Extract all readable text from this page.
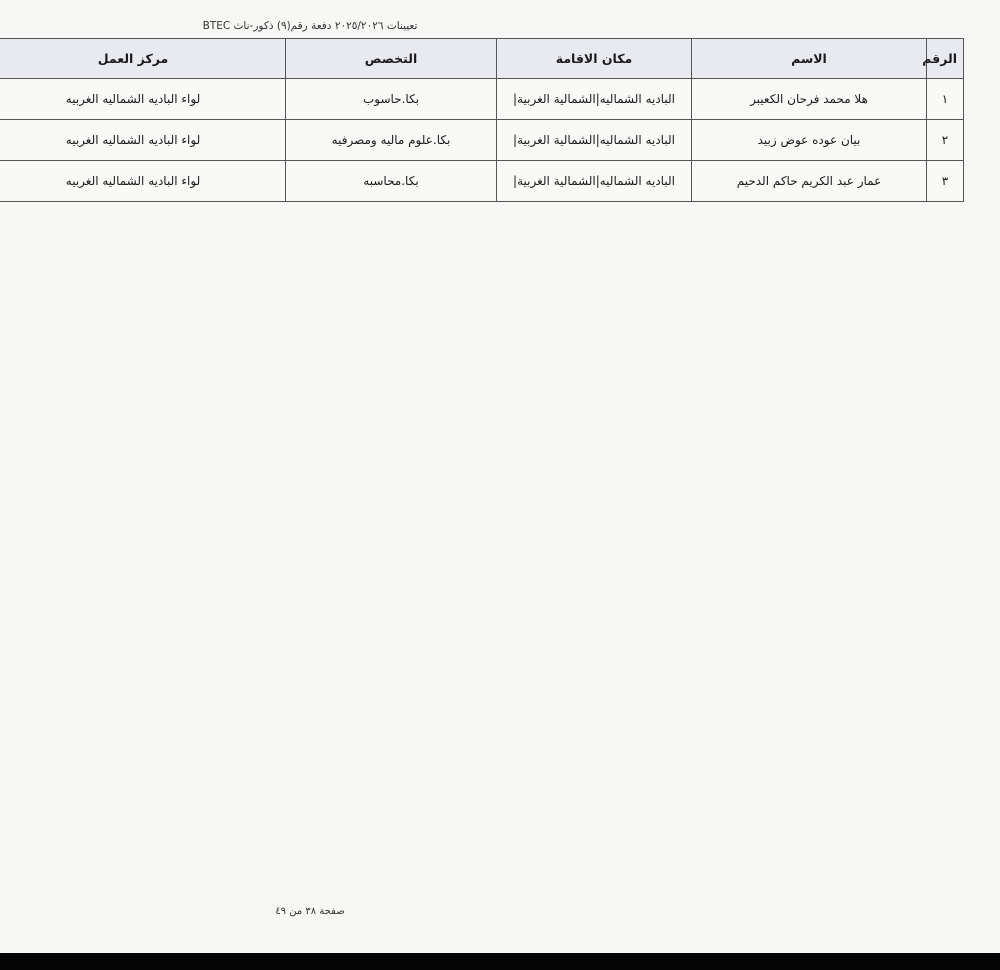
تعيينات ٢٠٢٥/٢٠٢٦ دفعة رقم(٩) ذكور-ناث BTEC
الرقم	الاسم	مكان الاقامة	التخصص	مركز العمل
١	هلا محمد فرحان الكعيبر	الباديه الشماليه|الشمالية الغربية|	بكا.حاسوب	لواء الباديه الشماليه الغربيه
٢	بيان عوده عوض زبيد	الباديه الشماليه|الشمالية الغربية|	بكا.علوم ماليه ومصرفيه	لواء الباديه الشماليه الغربيه
٣	عمار عبد الكريم حاكم الدحيم	الباديه الشماليه|الشمالية الغربية|	بكا.محاسبه	لواء الباديه الشماليه الغربيه
صفحة ٣٨ من ٤٩
